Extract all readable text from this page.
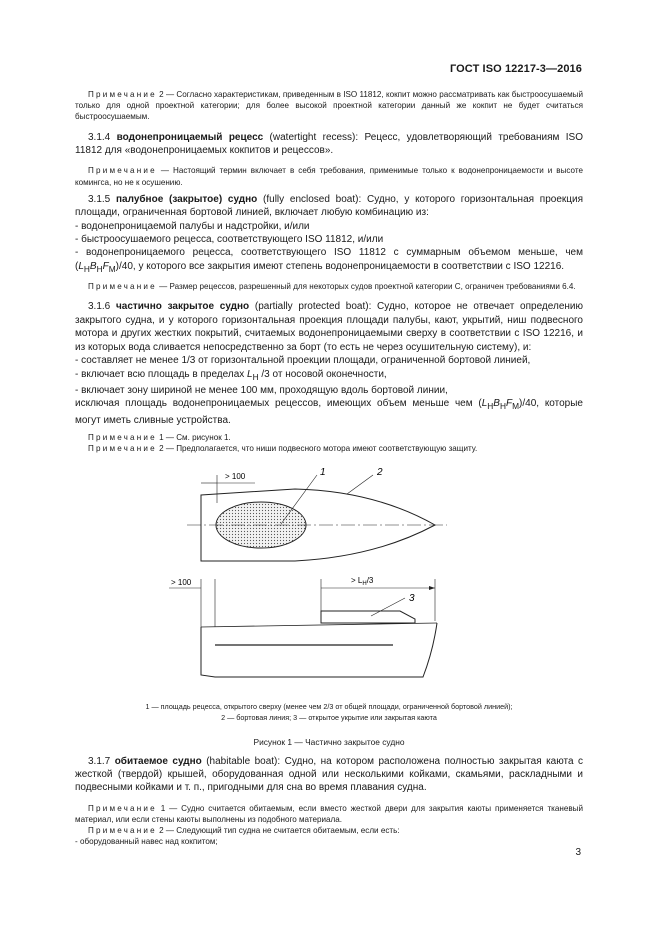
ГОСТ ISO 12217-3—2016

Примечание 2 — Согласно характеристикам, приведенным в ISO 11812, кокпит можно рассматривать как быстроосушаемый только для одной проектной категории; для более высокой проектной категории данный же кокпит не будет считаться быстроосушаемым.

3.1.4 водонепроницаемый рецесс (watertight recess): Рецесс, удовлетворяющий требованиям ISO 11812 для «водонепроницаемых кокпитов и рецессов».

Примечание — Настоящий термин включает в себя требования, применимые только к водонепроницаемости и высоте комингса, но не к осушению.

3.1.5 палубное (закрытое) судно (fully enclosed boat): Судно, у которого горизонтальная проекция площади, ограниченная бортовой линией, включает любую комбинацию из:

- водонепроницаемой палубы и надстройки, и/или

- быстроосушаемого рецесса, соответствующего ISO 11812, и/или

- водонепроницаемого рецесса, соответствующего ISO 11812 с суммарным объемом меньше, чем $(L_HB_HF_M)/40$, у которого все закрытия имеют степень водонепроницаемости в соответствии с ISO 12216.

Примечание — Размер рецессов, разрешенный для некоторых судов проектной категории С, ограничен требованиями 6.4.

3.1.6 частично закрытое судно (partially protected boat): Судно, которое не отвечает определению закрытого судна, и у которого горизонтальная проекция площади палубы, кают, укрытий, ниш подвесного мотора и других жестких покрытий, считаемых водонепроницаемыми сверху в соответствии с ISO 12216, и из которых вода сливается непосредственно за борт (то есть не через осушительную систему), и:

- составляет не менее 1/3 от горизонтальной проекции площади, ограниченной бортовой линией,

- включает всю площадь в пределах $L_H$ /3 от носовой оконечности,

- включает зону шириной не менее 100 мм, проходящую вдоль бортовой линии,

исключая площадь водонепроницаемых рецессов, имеющих объем меньше чем $(L_HB_HF_M)/40$, которые могут иметь сливные устройства.

Примечание 1 — См. рисунок 1.

Примечание 2 — Предполагается, что ниши подвесного мотора имеют соответствующую защиту.

> 100	1	2
> 100	> $L_H/3$
3

1 — площадь рецесса, открытого сверху (менее чем 2/3 от общей площади, ограниченной бортовой линией);

2 — бортовая линия; 3 — открытое укрытие или закрытая каюта

Рисунок 1 — Частично закрытое судно

3.1.7 обитаемое судно (habitable boat): Судно, на котором расположена полностью закрытая каюта с жесткой (твердой) крышей, оборудованная одной или несколькими койками, скамьями, раскладными и подвесными койками и т. п., пригодными для сна во время плавания судна.

Примечание 1 — Судно считается обитаемым, если вместо жесткой двери для закрытия каюты применяется тканевый материал, или если стены каюты выполнены из подобного материала.

Примечание 2 — Следующий тип судна не считается обитаемым, если есть:

- оборудованный навес над кокпитом;

3
